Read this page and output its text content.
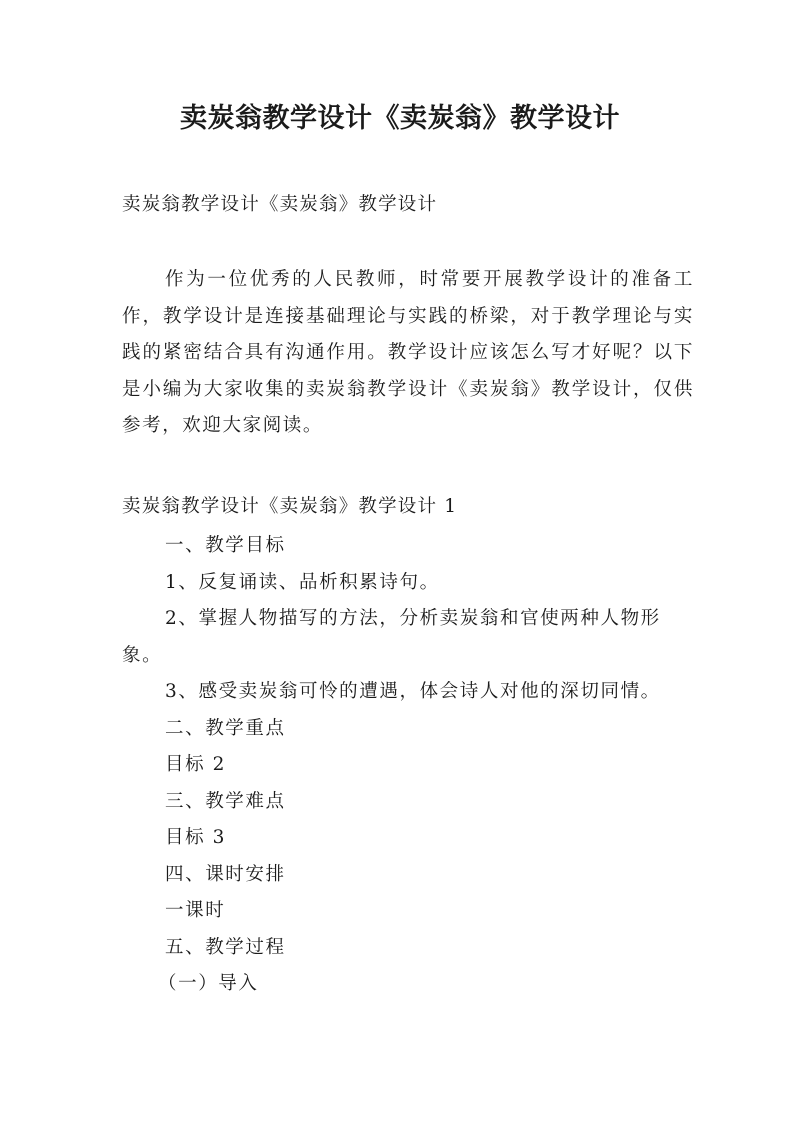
卖炭翁教学设计《卖炭翁》教学设计

卖炭翁教学设计《卖炭翁》教学设计

作为一位优秀的人民教师，时常要开展教学设计的准备工作，教学设计是连接基础理论与实践的桥梁，对于教学理论与实践的紧密结合具有沟通作用。教学设计应该怎么写才好呢？以下是小编为大家收集的卖炭翁教学设计《卖炭翁》教学设计，仅供参考，欢迎大家阅读。

卖炭翁教学设计《卖炭翁》教学设计 1

一、教学目标
1、反复诵读、品析积累诗句。
2、掌握人物描写的方法，分析卖炭翁和官使两种人物形象。
3、感受卖炭翁可怜的遭遇，体会诗人对他的深切同情。
二、教学重点
目标 2
三、教学难点
目标 3
四、课时安排
一课时
五、教学过程
（一）导入
